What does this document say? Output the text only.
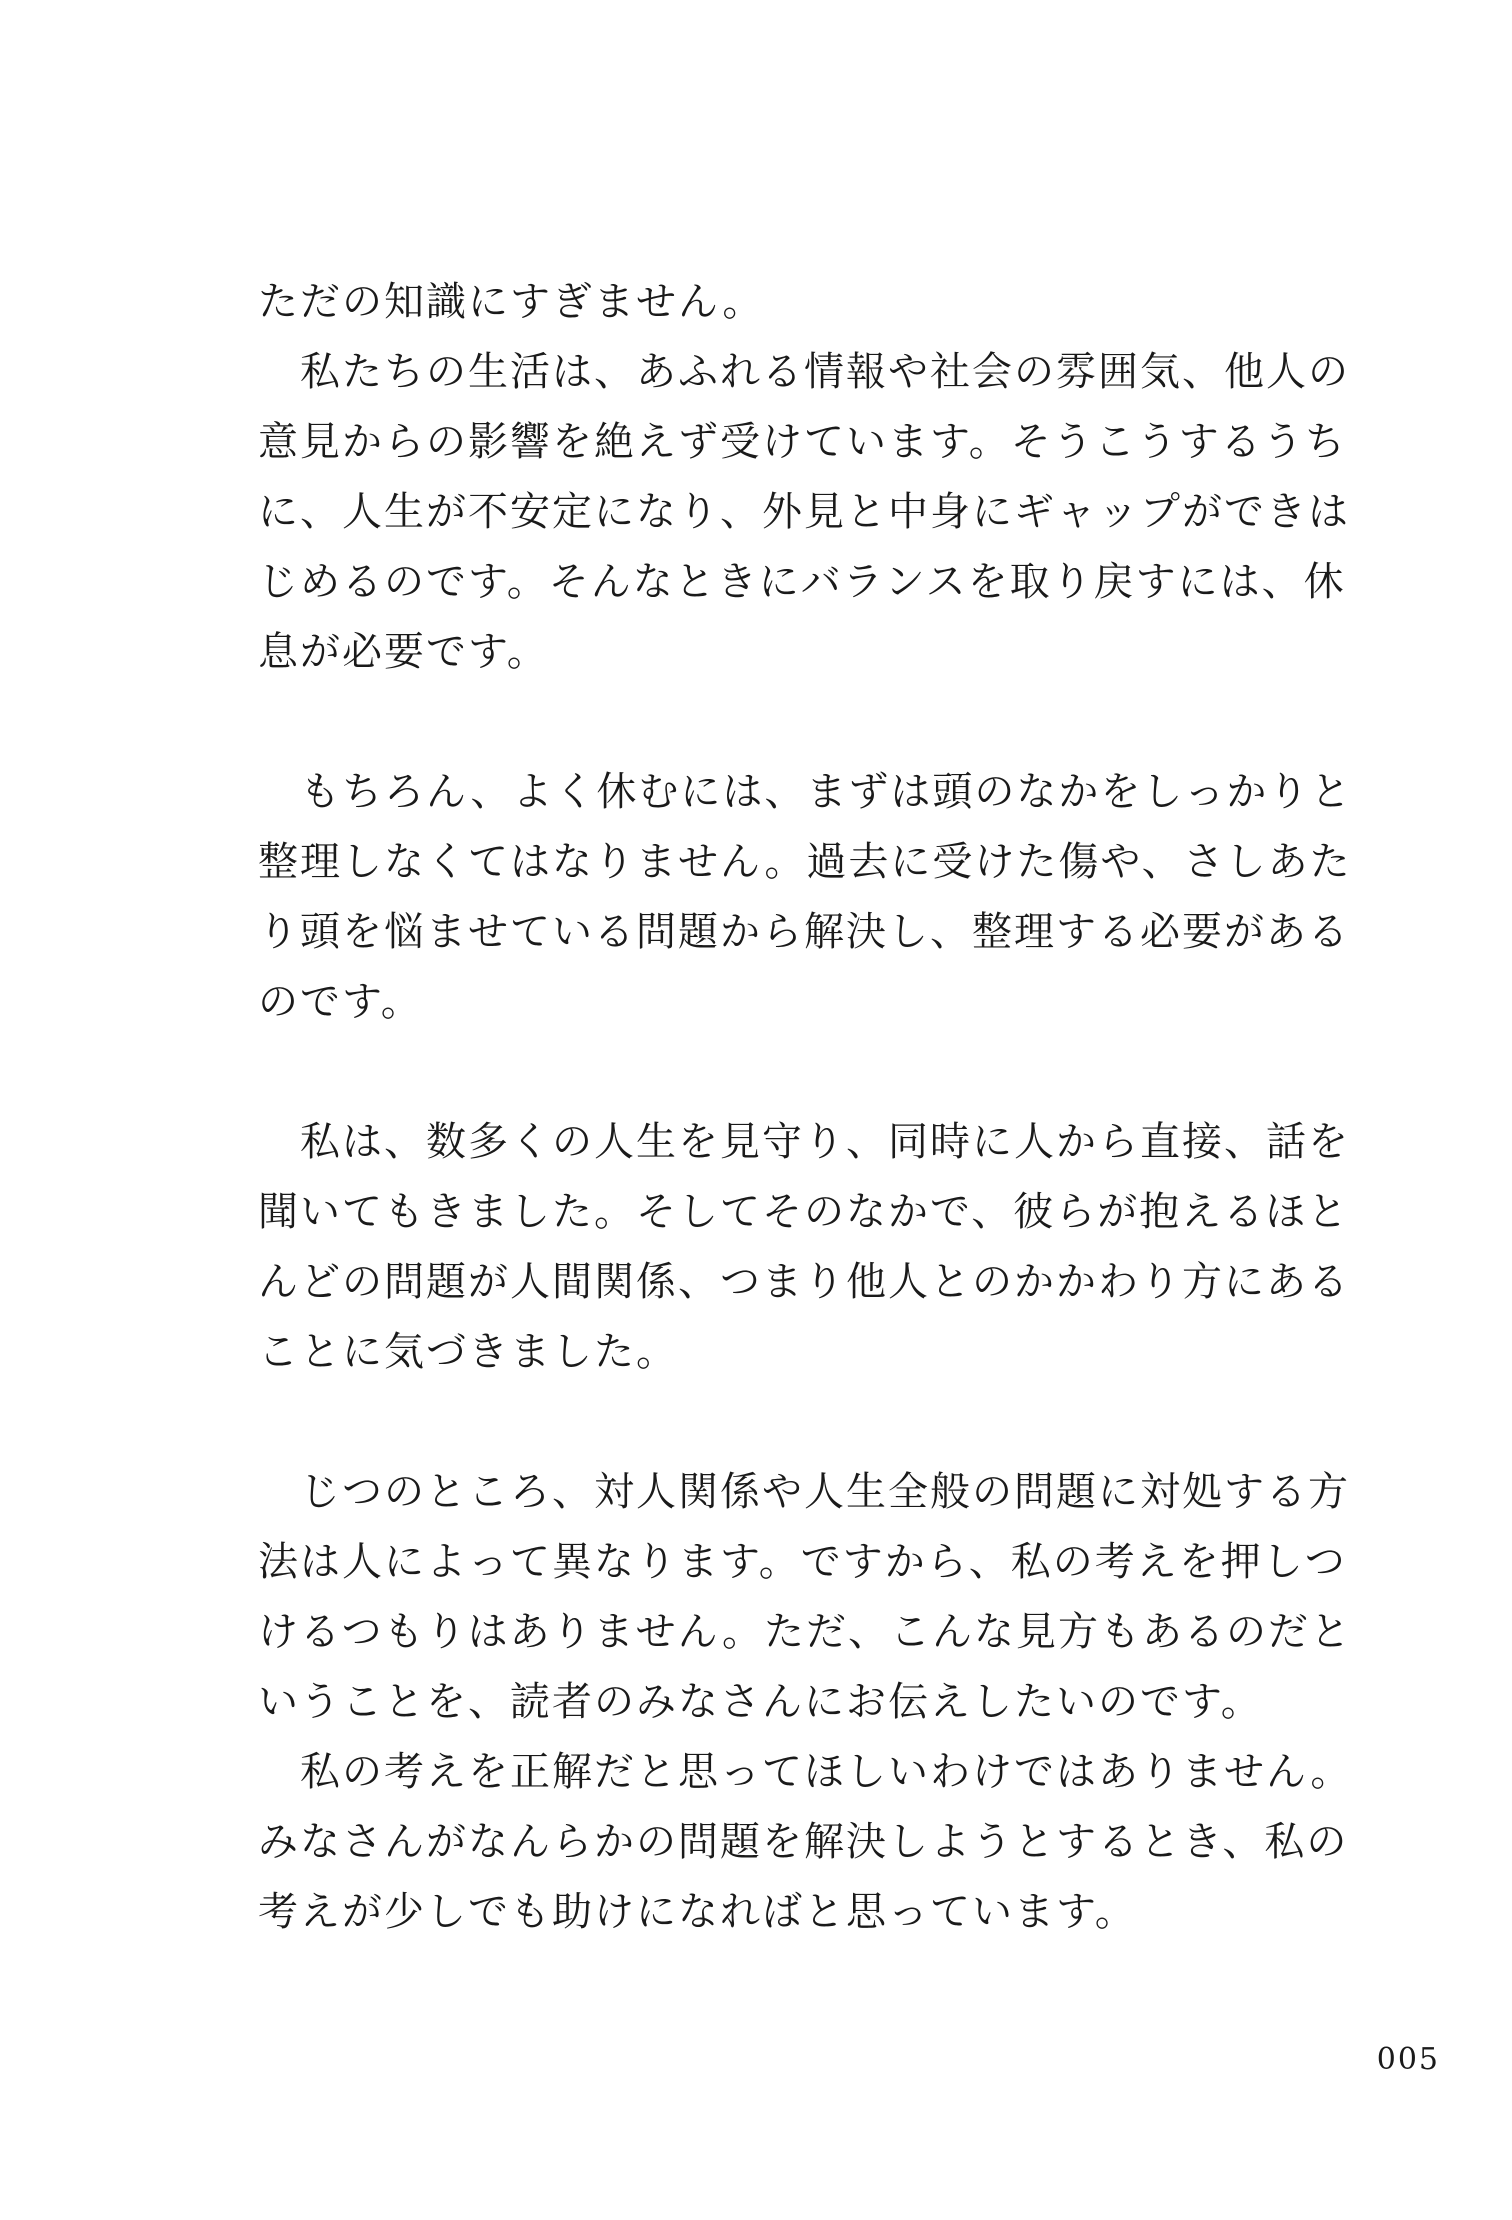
ただの知識にすぎません。
　私たちの生活は、あふれる情報や社会の雰囲気、他人の
意見からの影響を絶えず受けています。そうこうするうち
に、人生が不安定になり、外見と中身にギャップができは
じめるのです。そんなときにバランスを取り戻すには、休
息が必要です。
　もちろん、よく休むには、まずは頭のなかをしっかりと
整理しなくてはなりません。過去に受けた傷や、さしあた
り頭を悩ませている問題から解決し、整理する必要がある
のです。
　私は、数多くの人生を見守り、同時に人から直接、話を
聞いてもきました。そしてそのなかで、彼らが抱えるほと
んどの問題が人間関係、つまり他人とのかかわり方にある
ことに気づきました。
　じつのところ、対人関係や人生全般の問題に対処する方
法は人によって異なります。ですから、私の考えを押しつ
けるつもりはありません。ただ、こんな見方もあるのだと
いうことを、読者のみなさんにお伝えしたいのです。
　私の考えを正解だと思ってほしいわけではありません。
みなさんがなんらかの問題を解決しようとするとき、私の
考えが少しでも助けになればと思っています。
005
